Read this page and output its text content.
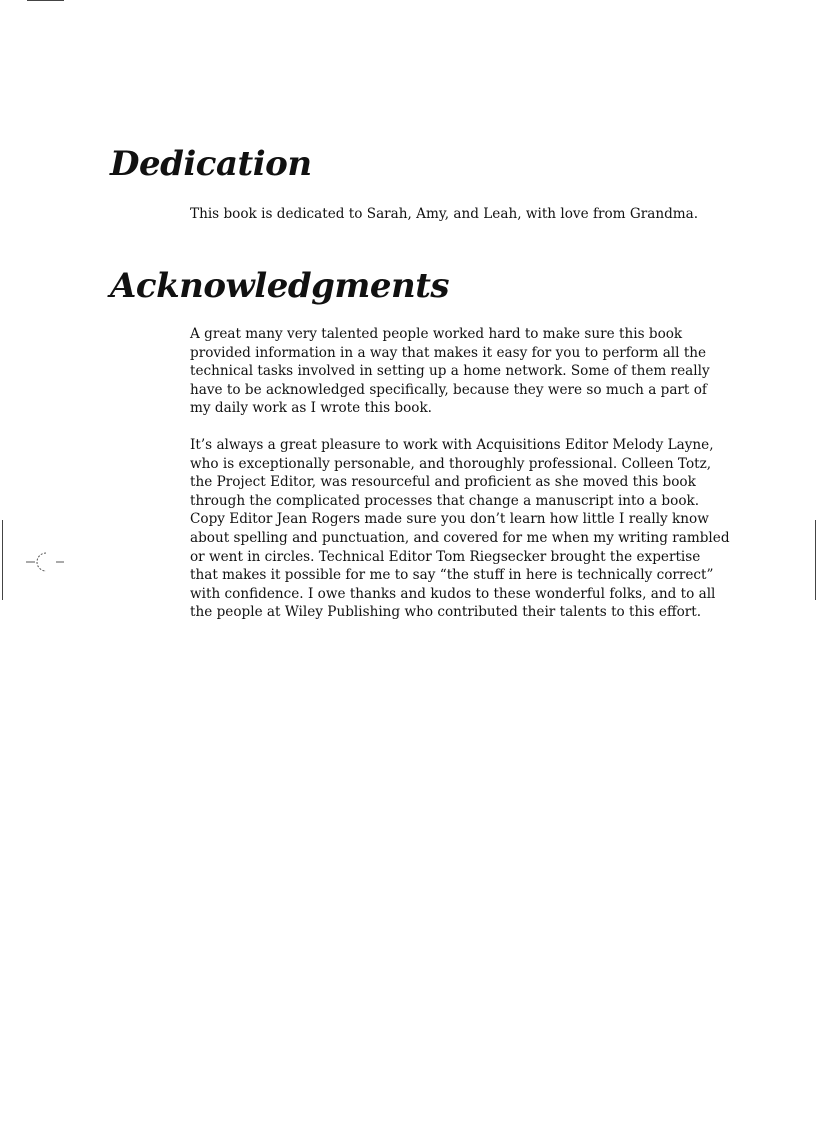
Dedication

This book is dedicated to Sarah, Amy, and Leah, with love from Grandma.

Acknowledgments

A great many very talented people worked hard to make sure this book
provided information in a way that makes it easy for you to perform all the
technical tasks involved in setting up a home network. Some of them really
have to be acknowledged specifically, because they were so much a part of
my daily work as I wrote this book.

It’s always a great pleasure to work with Acquisitions Editor Melody Layne,
who is exceptionally personable, and thoroughly professional. Colleen Totz,
the Project Editor, was resourceful and proficient as she moved this book
through the complicated processes that change a manuscript into a book.
Copy Editor Jean Rogers made sure you don’t learn how little I really know
about spelling and punctuation, and covered for me when my writing rambled
or went in circles. Technical Editor Tom Riegsecker brought the expertise
that makes it possible for me to say “the stuff in here is technically correct”
with confidence. I owe thanks and kudos to these wonderful folks, and to all
the people at Wiley Publishing who contributed their talents to this effort.
